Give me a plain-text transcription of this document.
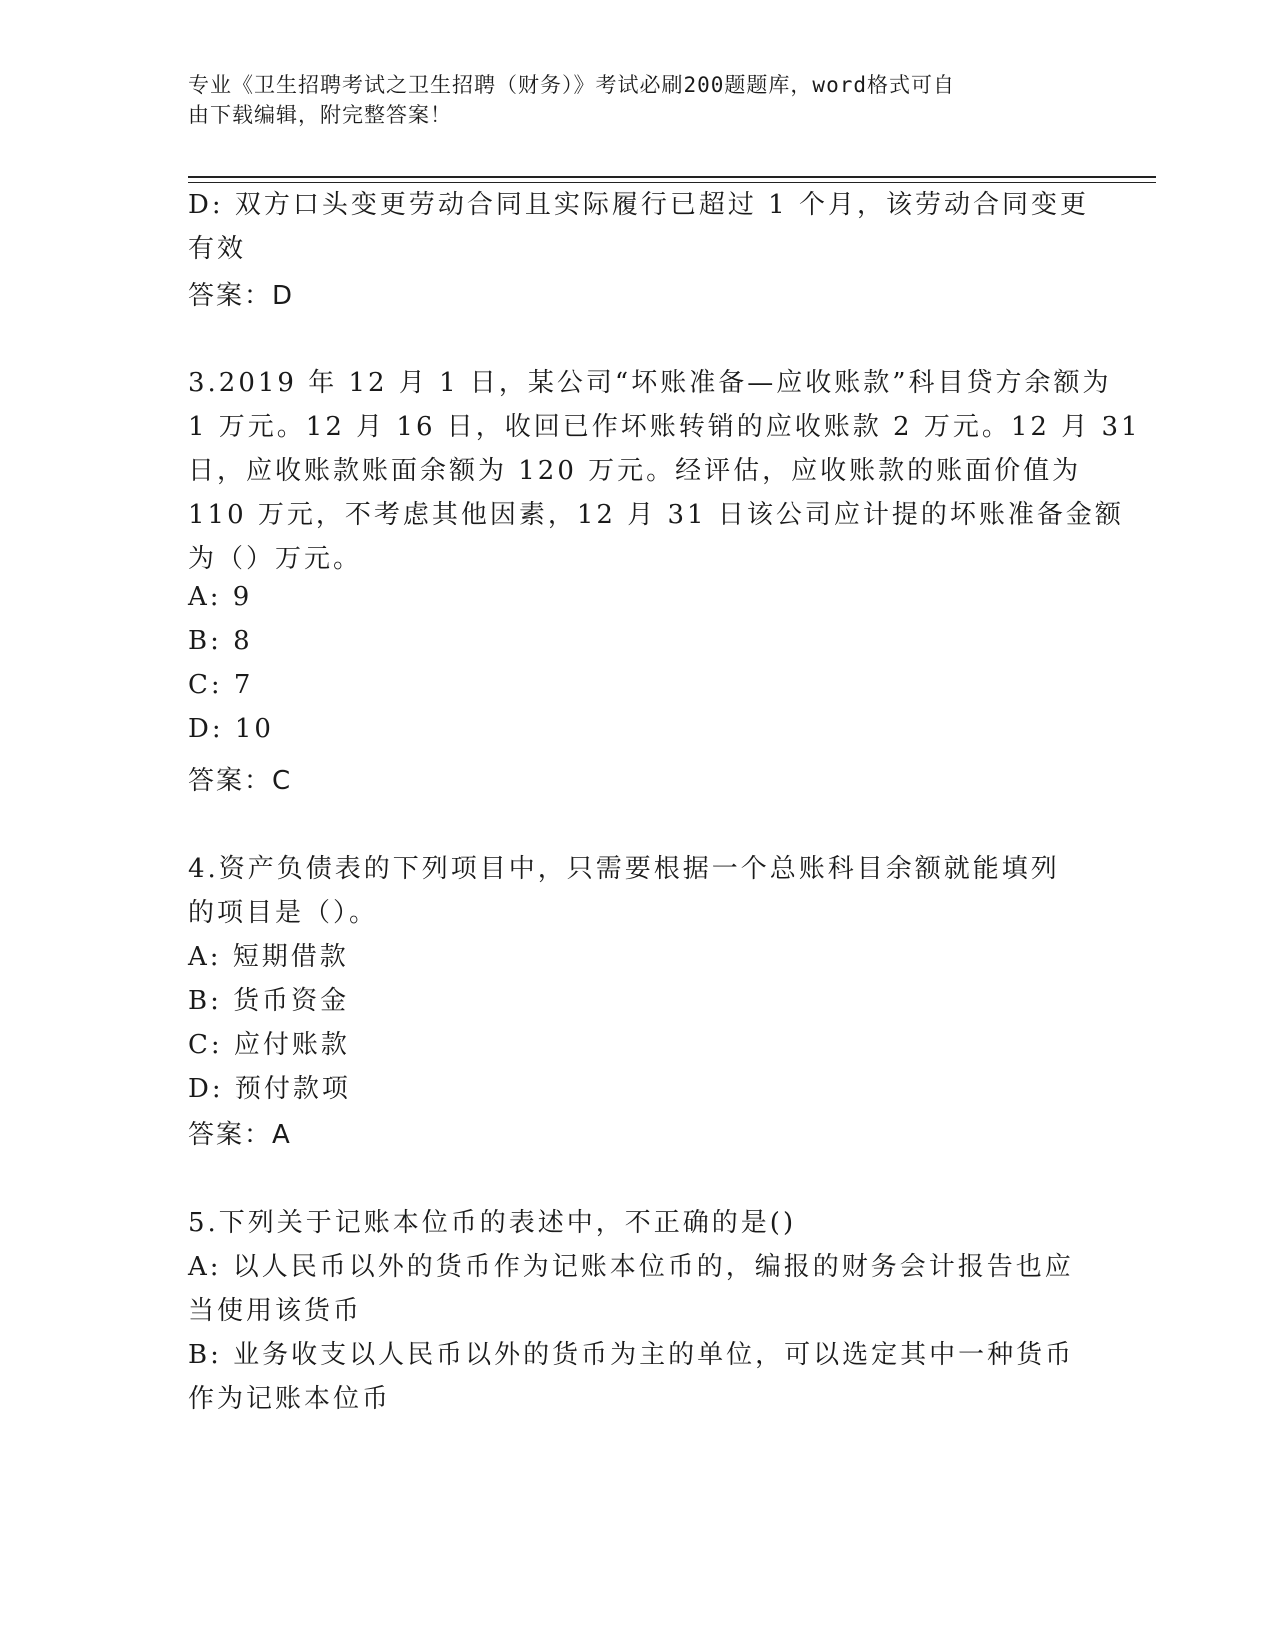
专业《卫生招聘考试之卫生招聘（财务）》考试必刷200题题库，word格式可自
由下载编辑，附完整答案！
D: 双方口头变更劳动合同且实际履行已超过 1 个月，该劳动合同变更
有效
答案：D
3.2019 年 12 月 1 日，某公司“坏账准备—应收账款”科目贷方余额为
1 万元。12 月 16 日，收回已作坏账转销的应收账款 2 万元。12 月 31
日，应收账款账面余额为 120 万元。经评估，应收账款的账面价值为
110 万元，不考虑其他因素，12 月 31 日该公司应计提的坏账准备金额
为（）万元。
A: 9
B: 8
C: 7
D: 10
答案：C
4.资产负债表的下列项目中，只需要根据一个总账科目余额就能填列
的项目是（）。
A: 短期借款
B: 货币资金
C: 应付账款
D: 预付款项
答案：A
5.下列关于记账本位币的表述中，不正确的是()
A: 以人民币以外的货币作为记账本位币的，编报的财务会计报告也应
当使用该货币
B: 业务收支以人民币以外的货币为主的单位，可以选定其中一种货币
作为记账本位币
